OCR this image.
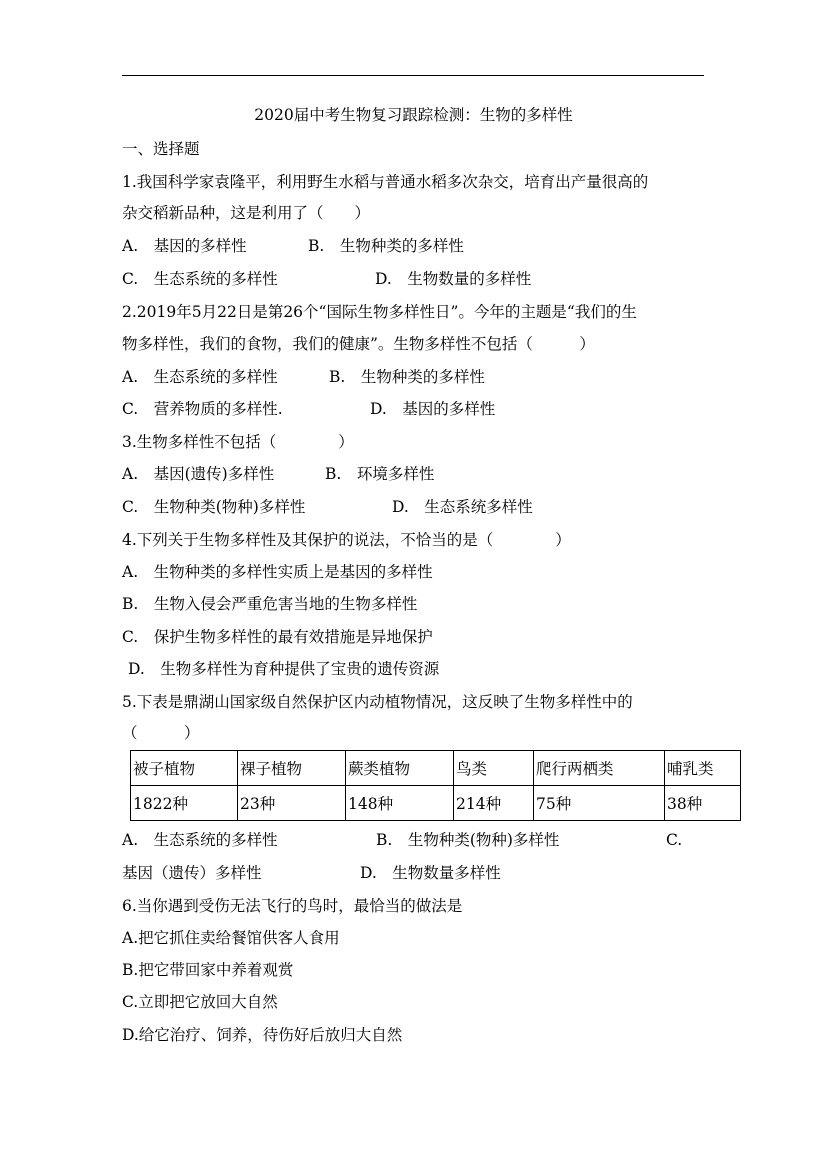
2020届中考生物复习跟踪检测：生物的多样性
一、选择题
1.我国科学家袁隆平，利用野生水稻与普通水稻多次杂交，培育出产量很高的
杂交稻新品种，这是利用了（　　）
A.　基因的多样性	B.　生物种类的多样性
C.　生态系统的多样性	D.　生物数量的多样性
2.2019年5月22日是第26个“国际生物多样性日”。今年的主题是“我们的生
物多样性，我们的食物，我们的健康”。生物多样性不包括（　　　）
A.　生态系统的多样性	B.　生物种类的多样性
C.　营养物质的多样性.	D.　基因的多样性
3.生物多样性不包括（　　　　）
A.　基因(遗传)多样性	B.　环境多样性
C.　生物种类(物种)多样性	D.　生态系统多样性
4.下列关于生物多样性及其保护的说法，不恰当的是（　　　　）
A.　生物种类的多样性实质上是基因的多样性
B.　生物入侵会严重危害当地的生物多样性
C.　保护生物多样性的最有效措施是异地保护
D.　生物多样性为育种提供了宝贵的遗传资源
5.下表是鼎湖山国家级自然保护区内动植物情况，这反映了生物多样性中的
（　　　）
被子植物	裸子植物	蕨类植物	鸟类	爬行两栖类	哺乳类
1822种	23种	148种	214种	75种	38种
A.　生态系统的多样性	B.　生物种类(物种)多样性	C.
基因（遗传）多样性	D.　生物数量多样性
6.当你遇到受伤无法飞行的鸟时，最恰当的做法是
A.把它抓住卖给餐馆供客人食用
B.把它带回家中养着观赏
C.立即把它放回大自然
D.给它治疗、饲养，待伤好后放归大自然
